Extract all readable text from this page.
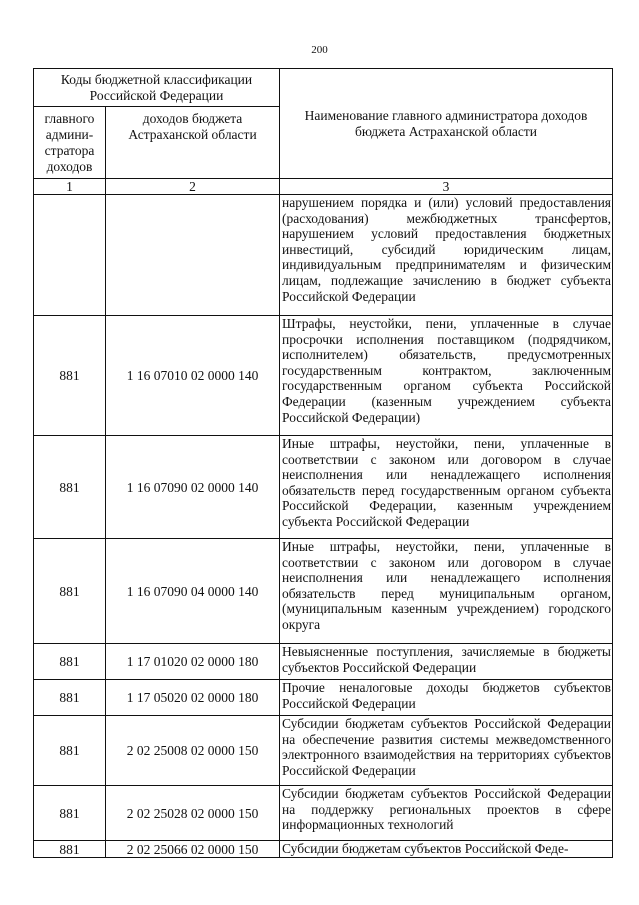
200
Коды бюджетной классификации Российской Федерации		Наименование главного администратора доходов бюджета Астраханской области
главного админи-стратора доходов	доходов бюджета Астраханской области	
1	2	3
		нарушением порядка и (или) условий предоставления (расходования) межбюджетных трансфертов, нарушением условий предоставления бюджетных инвестиций, субсидий юридическим лицам, индивидуальным предпринимателям и физическим лицам, подлежащие зачислению в бюджет субъекта Российской Федерации
881	1 16 07010 02 0000 140	Штрафы, неустойки, пени, уплаченные в случае просрочки исполнения поставщиком (подрядчиком, исполнителем) обязательств, предусмотренных государственным контрактом, заключенным государственным органом субъекта Российской Федерации (казенным учреждением субъекта Российской Федерации)
881	1 16 07090 02 0000 140	Иные штрафы, неустойки, пени, уплаченные в соответствии с законом или договором в случае неисполнения или ненадлежащего исполнения обязательств перед государственным органом субъекта Российской Федерации, казенным учреждением субъекта Российской Федерации
881	1 16 07090 04 0000 140	Иные штрафы, неустойки, пени, уплаченные в соответствии с законом или договором в случае неисполнения или ненадлежащего исполнения обязательств перед муниципальным органом, (муниципальным казенным учреждением) городского округа
881	1 17 01020 02 0000 180	Невыясненные поступления, зачисляемые в бюджеты субъектов Российской Федерации
881	1 17 05020 02 0000 180	Прочие неналоговые доходы бюджетов субъектов Российской Федерации
881	2 02 25008 02 0000 150	Субсидии бюджетам субъектов Российской Федерации на обеспечение развития системы межведомственного электронного взаимодействия на территориях субъектов Российской Федерации
881	2 02 25028 02 0000 150	Субсидии бюджетам субъектов Российской Федерации на поддержку региональных проектов в сфере информационных технологий
881	2 02 25066 02 0000 150	Субсидии бюджетам субъектов Российской Феде-
